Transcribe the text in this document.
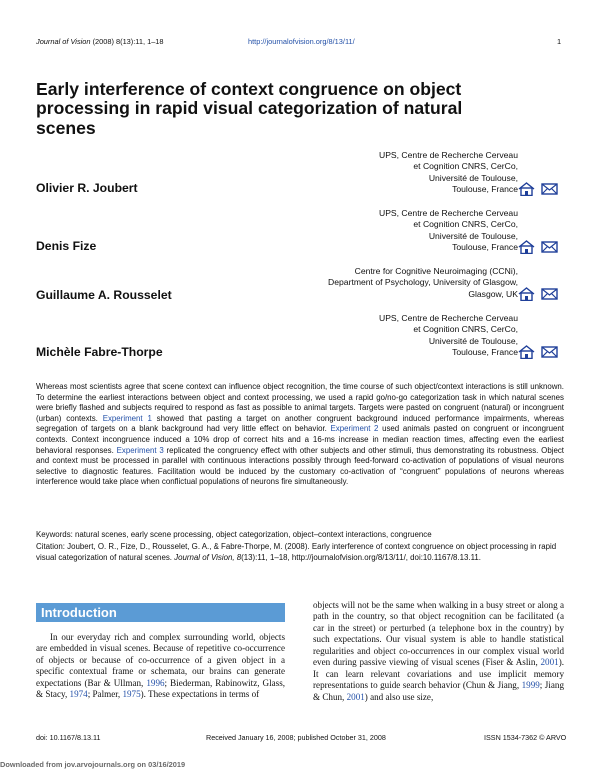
Journal of Vision (2008) 8(13):11, 1–18	http://journalofvision.org/8/13/11/	1
Early interference of context congruence on object processing in rapid visual categorization of natural scenes
UPS, Centre de Recherche Cerveau
et Cognition CNRS, CerCo,
Université de Toulouse,
Toulouse, France
Olivier R. Joubert
UPS, Centre de Recherche Cerveau
et Cognition CNRS, CerCo,
Université de Toulouse,
Toulouse, France
Denis Fize
Centre for Cognitive Neuroimaging (CCNi),
Department of Psychology, University of Glasgow,
Glasgow, UK
Guillaume A. Rousselet
UPS, Centre de Recherche Cerveau
et Cognition CNRS, CerCo,
Université de Toulouse,
Toulouse, France
Michèle Fabre-Thorpe

Whereas most scientists agree that scene context can influence object recognition, the time course of such object/context interactions is still unknown. To determine the earliest interactions between object and context processing, we used a rapid go/no-go categorization task in which natural scenes were briefly flashed and subjects required to respond as fast as possible to animal targets. Targets were pasted on congruent (natural) or incongruent (urban) contexts. Experiment 1 showed that pasting a target on another congruent background induced performance impairments, whereas segregation of targets on a blank background had very little effect on behavior. Experiment 2 used animals pasted on congruent or incongruent contexts. Context incongruence induced a 10% drop of correct hits and a 16-ms increase in median reaction times, affecting even the earliest behavioral responses. Experiment 3 replicated the congruency effect with other subjects and other stimuli, thus demonstrating its robustness. Object and context must be processed in parallel with continuous interactions possibly through feed-forward co-activation of populations of visual neurons selective to diagnostic features. Facilitation would be induced by the customary co-activation of “congruent” populations of neurons whereas interference would take place when conflictual populations of neurons fire simultaneously.

Keywords: natural scenes, early scene processing, object categorization, object–context interactions, congruence

Citation: Joubert, O. R., Fize, D., Rousselet, G. A., & Fabre-Thorpe, M. (2008). Early interference of context congruence on object processing in rapid visual categorization of natural scenes. Journal of Vision, 8(13):11, 1–18, http://journalofvision.org/8/13/11/, doi:10.1167/8.13.11.

Introduction

In our everyday rich and complex surrounding world, objects are embedded in visual scenes. Because of repetitive co-occurrence of objects or because of co-occurrence of a given object in a specific contextual frame or schemata, our brains can generate expectations (Bar & Ullman, 1996; Biederman, Rabinowitz, Glass, & Stacy, 1974; Palmer, 1975). These expectations in terms of

objects will not be the same when walking in a busy street or along a path in the country, so that object recognition can be facilitated (a car in the street) or perturbed (a telephone box in the country) by such expectations. Our visual system is able to handle statistical regularities and object co-occurrences in our complex visual world even during passive viewing of visual scenes (Fiser & Aslin, 2001). It can learn relevant covariations and use implicit memory representations to guide search behavior (Chun & Jiang, 1999; Jiang & Chun, 2001) and also use size,

doi: 10.1167/8.13.11	Received January 16, 2008; published October 31, 2008	ISSN 1534-7362 © ARVO
Downloaded from jov.arvojournals.org on 03/16/2019
